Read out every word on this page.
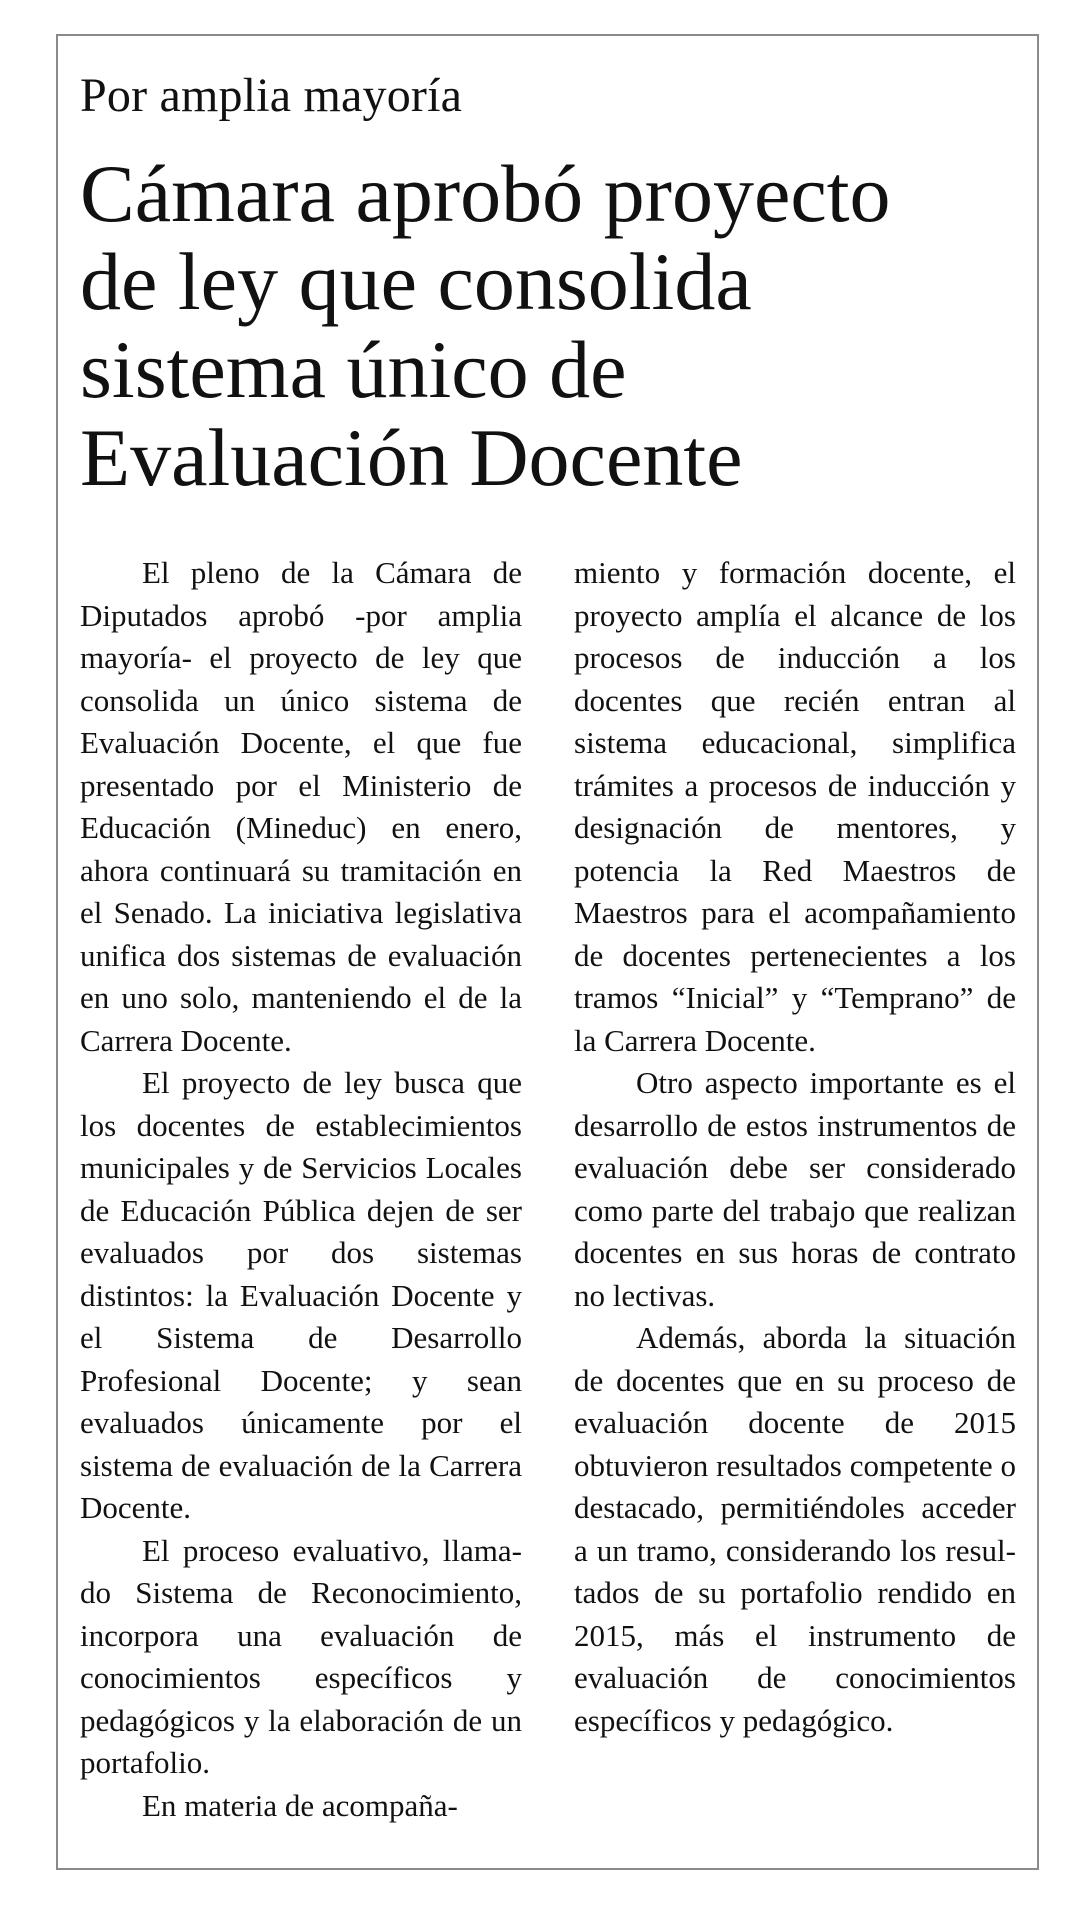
Por amplia mayoría
Cámara aprobó proyecto
de ley que consolida
sistema único de
Evaluación Docente

El pleno de la Cámara de Diputados aprobó -por amplia mayoría- el proyecto de ley que consolida un único sistema de Evaluación Docente, el que fue presentado por el Ministerio de Educación (Mineduc) en enero, ahora continuará su tramitación en el Senado. La iniciativa legislativa unifica dos sistemas de evaluación en uno solo, manteniendo el de la Carrera Docente.

El proyecto de ley busca que los docentes de establecimientos municipales y de Servicios Locales de Educación Pública dejen de ser evaluados por dos sistemas distintos: la Evaluación Docente y el Sistema de Desarrollo Profesional Docente; y sean evaluados únicamente por el sistema de evaluación de la Carrera Docente.

El proceso evaluativo, llamado Sistema de Reconocimiento, incorpora una evaluación de conocimientos específicos y pedagógicos y la elaboración de un portafolio.

En materia de acompaña-

miento y formación docente, el proyecto amplía el alcance de los procesos de inducción a los docentes que recién entran al sistema educacional, simplifica trámites a procesos de inducción y designación de mentores, y potencia la Red Maestros de Maestros para el acompañamiento de docentes pertenecientes a los tramos “Inicial” y “Temprano” de la Carrera Docente.

Otro aspecto importante es el desarrollo de estos instrumentos de evaluación debe ser considerado como parte del trabajo que realizan docentes en sus horas de contrato no lectivas.

Además, aborda la situación de docentes que en su proceso de evaluación docente de 2015 obtuvieron resultados competente o destacado, permitiéndoles acceder a un tramo, considerando los resultados de su portafolio rendido en 2015, más el instrumento de evaluación de conocimientos específicos y pedagógico.
